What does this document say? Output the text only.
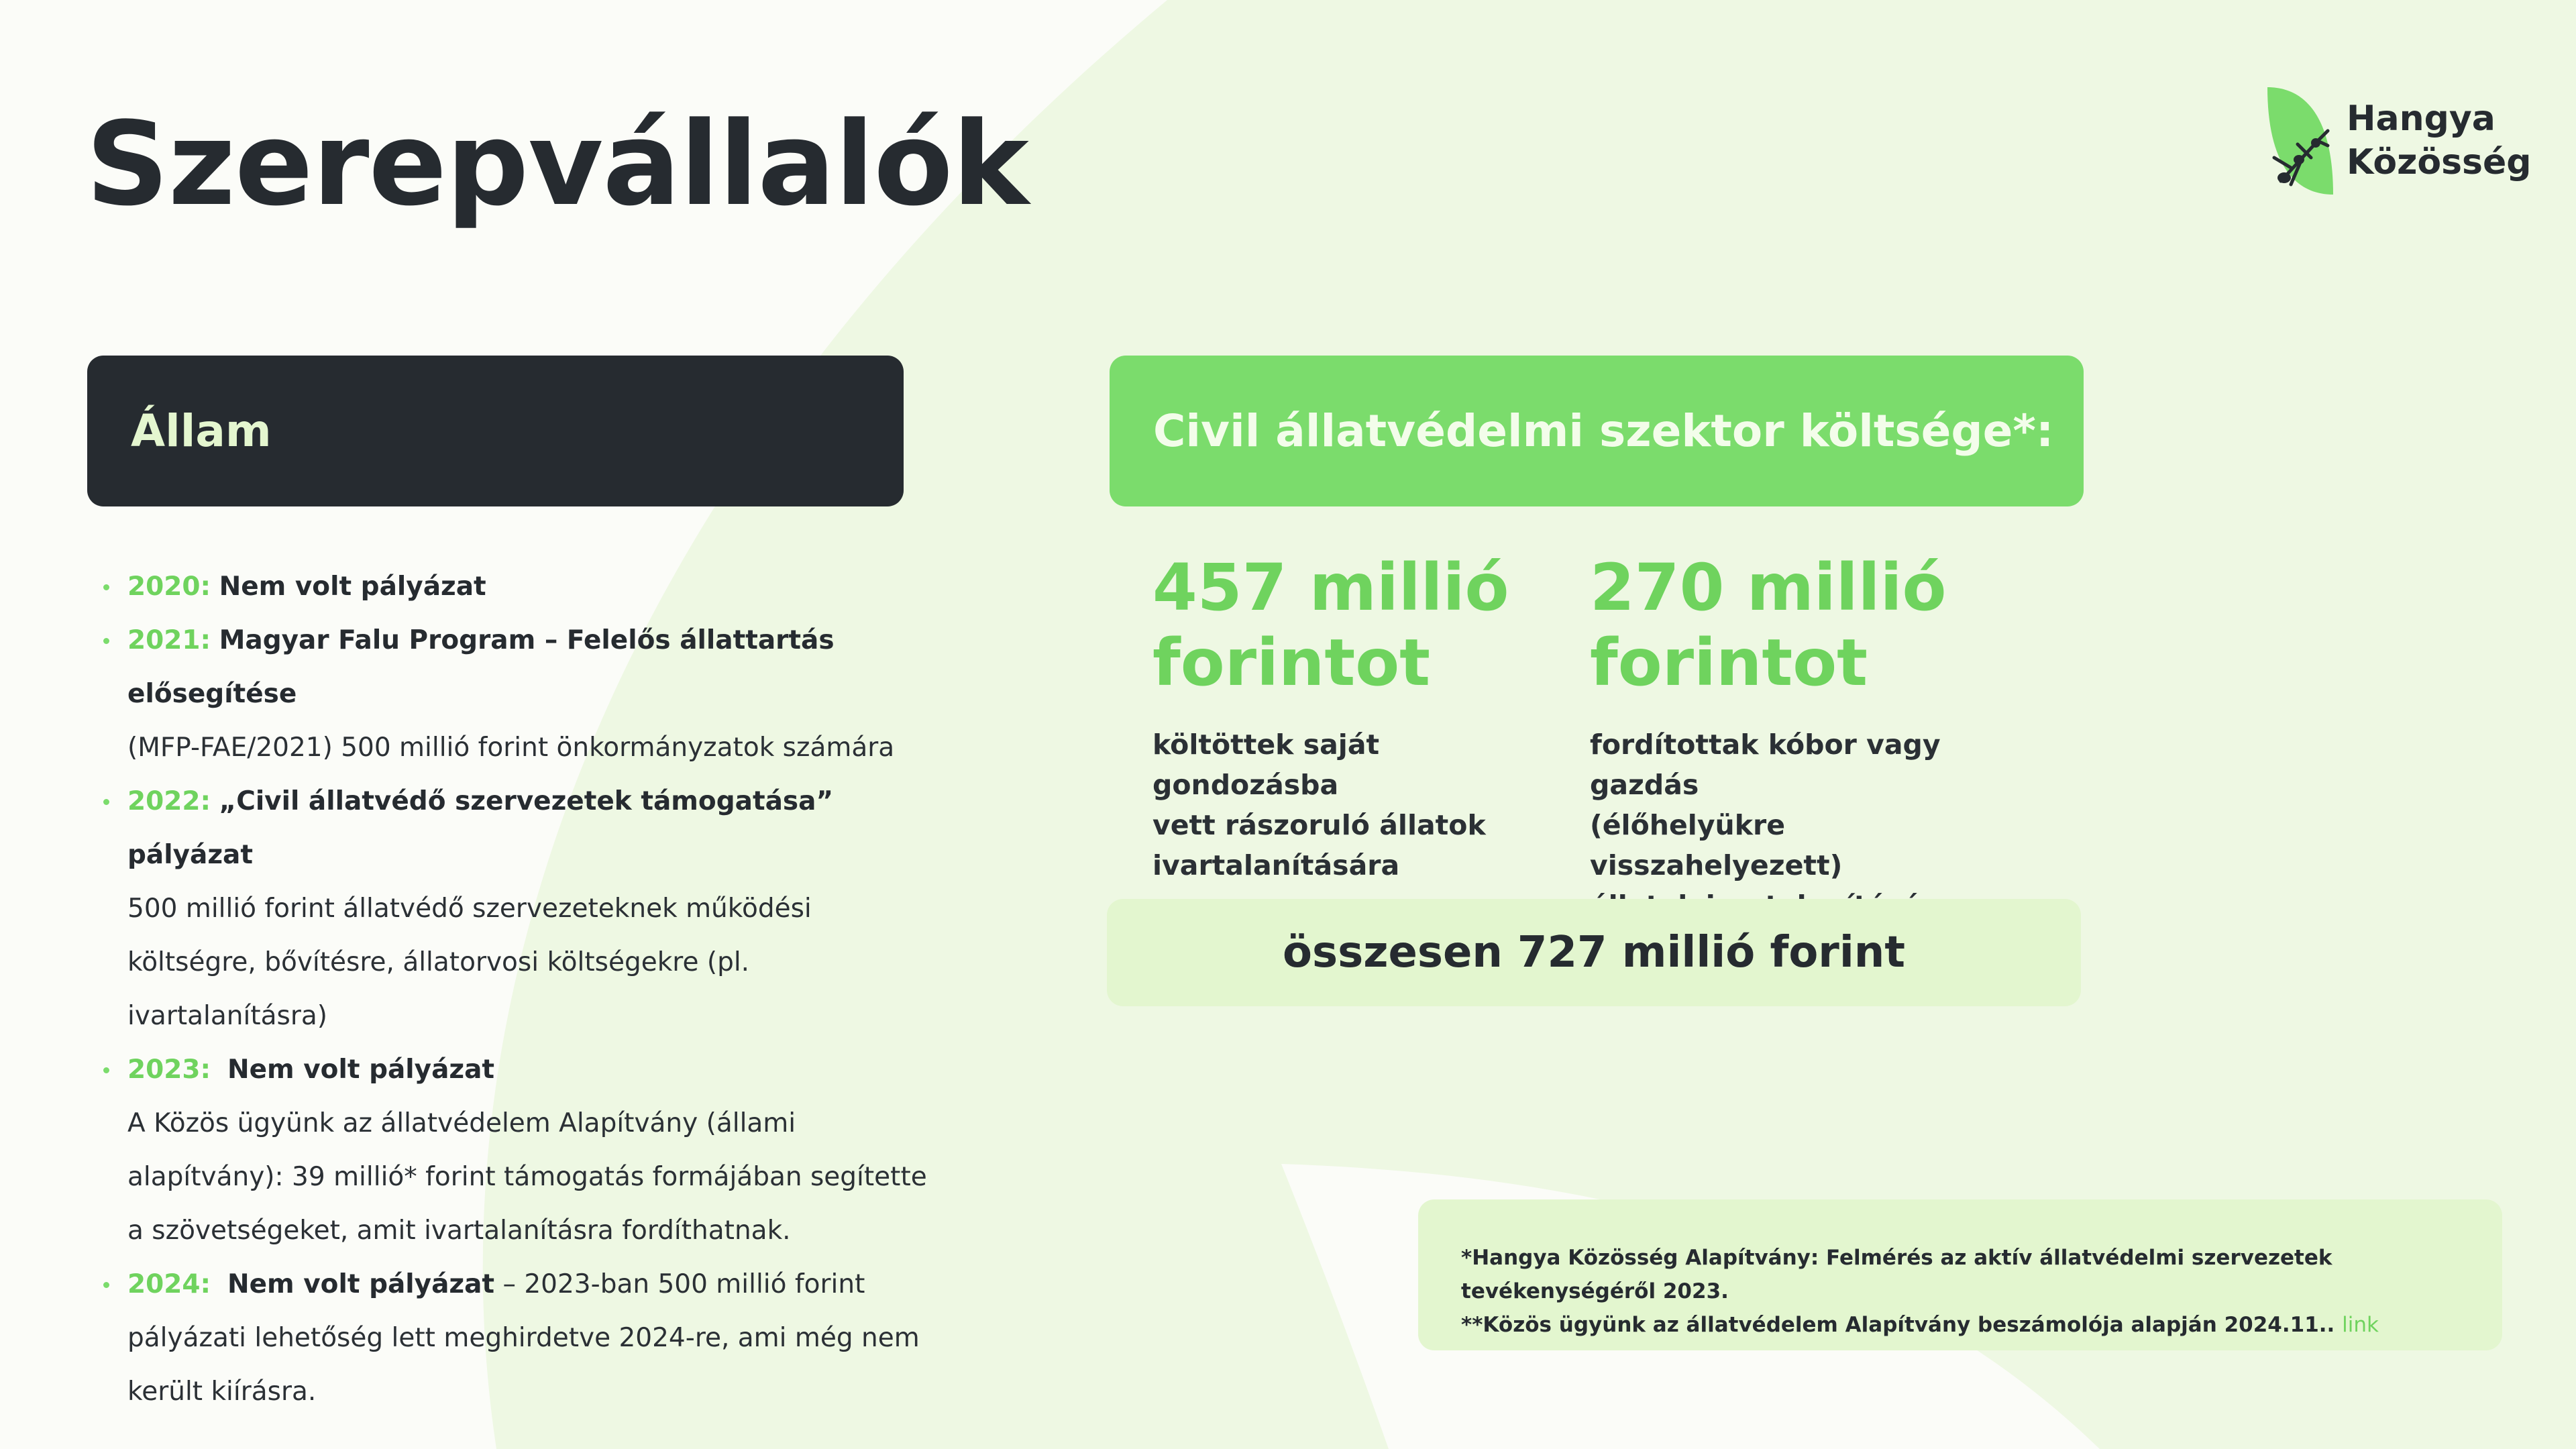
Szerepvállalók	Hangya
Közösség
Állam
2020: Nem volt pályázat
2021: Magyar Falu Program – Felelős állattartás elősegítése
(MFP-FAE/2021) 500 millió forint önkormányzatok számára
2022: „Civil állatvédő szervezetek támogatása” pályázat
500 millió forint állatvédő szervezeteknek működési költségre, bővítésre, állatorvosi költségekre (pl. ivartalanításra)
2023: Nem volt pályázat
A Közös ügyünk az állatvédelem Alapítvány (állami alapítvány): 39 millió* forint támogatás formájában segítette a szövetségeket, amit ivartalanításra fordíthatnak.
2024: Nem volt pályázat – 2023-ban 500 millió forint pályázati lehetőség lett meghirdetve 2024-re, ami még nem került kiírásra.
Civil állatvédelmi szektor költsége*:
457 millió
forintot
költöttek saját gondozásba
vett rászoruló állatok
ivartalanítására
270 millió
forintot
fordítottak kóbor vagy gazdás
(élőhelyükre visszahelyezett)
összesen 727 millió forint
*Hangya Közösség Alapítvány: Felmérés az aktív állatvédelmi szervezetek tevékenységéről 2023.
**Közös ügyünk az állatvédelem Alapítvány beszámolója alapján 2024.11.. link
